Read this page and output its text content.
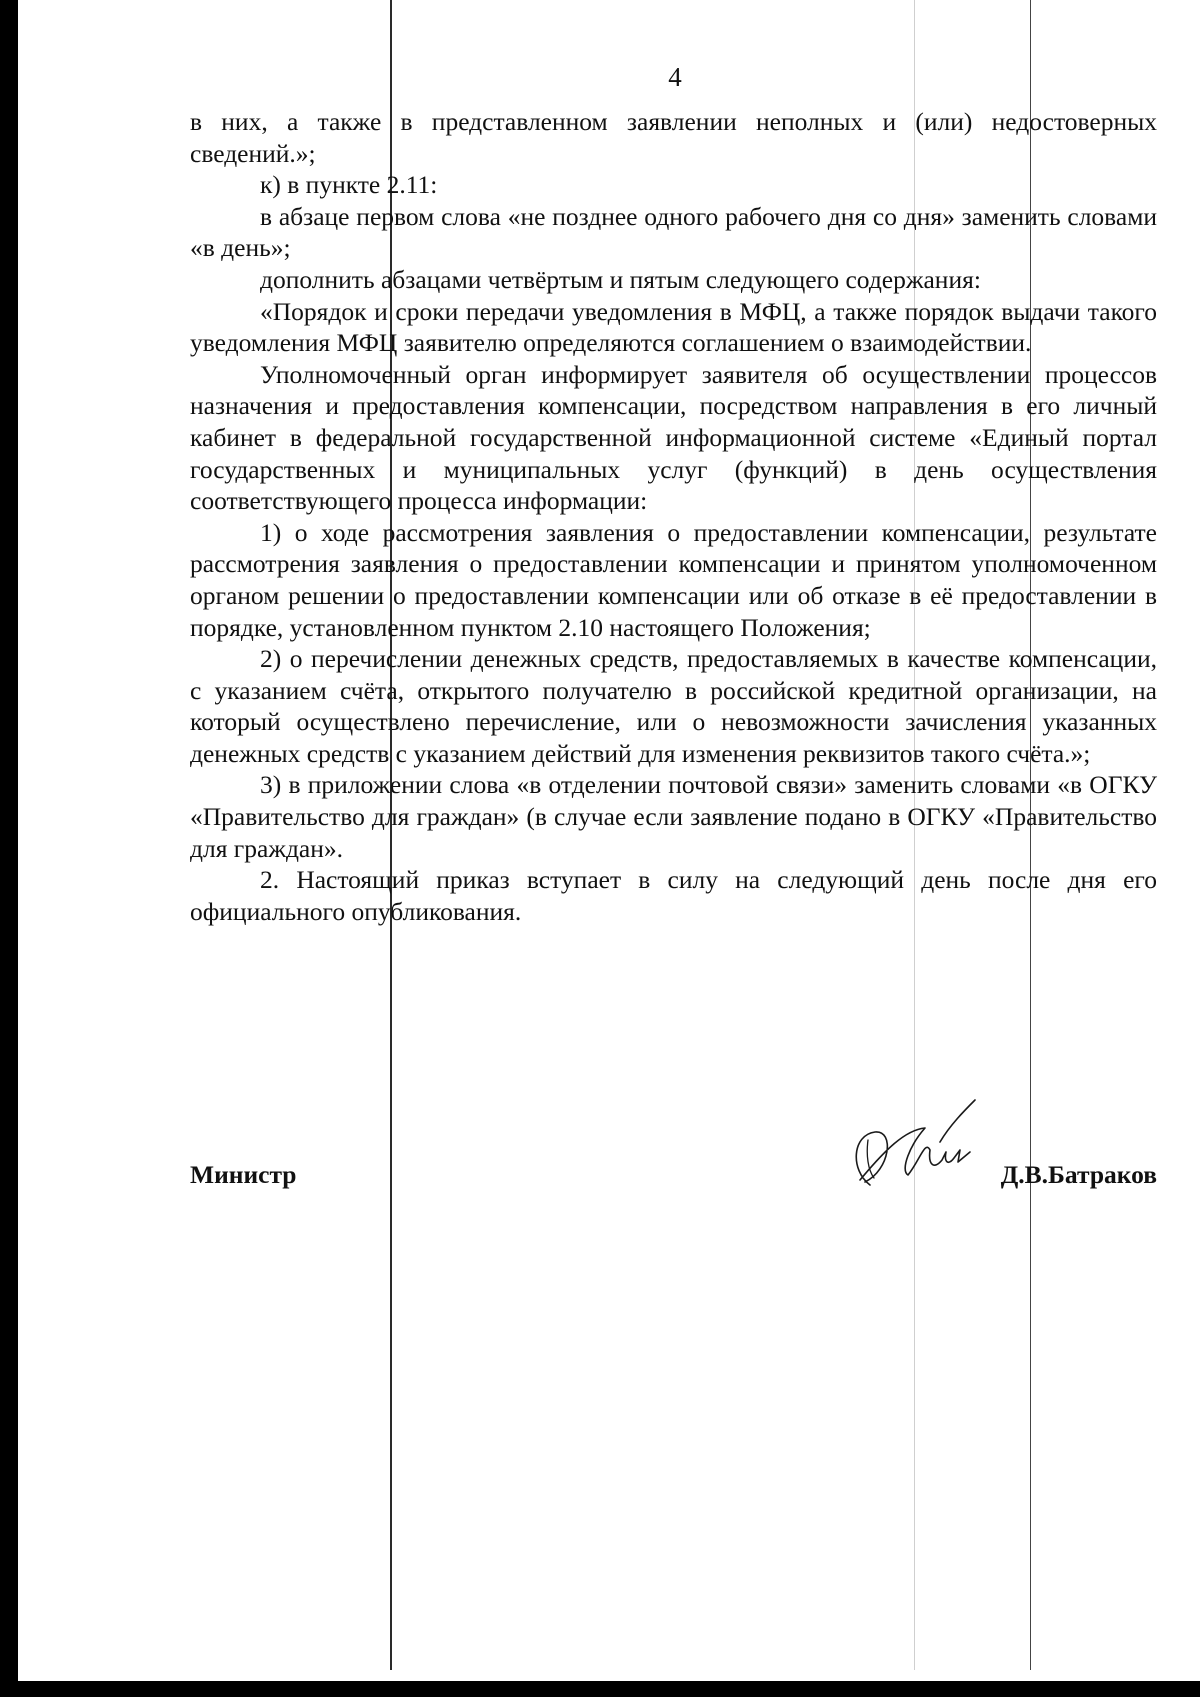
4

в них, а также в представленном заявлении неполных и (или) недостоверных сведений.»;

к) в пункте 2.11:

в абзаце первом слова «не позднее одного рабочего дня со дня» заменить словами «в день»;

дополнить абзацами четвёртым и пятым следующего содержания:

«Порядок и сроки передачи уведомления в МФЦ, а также порядок выдачи такого уведомления МФЦ заявителю определяются соглашением о взаимодействии.

Уполномоченный орган информирует заявителя об осуществлении процессов назначения и предоставления компенсации, посредством направления в его личный кабинет в федеральной государственной информационной системе «Единый портал государственных и муниципальных услуг (функций) в день осуществления соответствующего процесса информации:

1) о ходе рассмотрения заявления о предоставлении компенсации, результате рассмотрения заявления о предоставлении компенсации и принятом уполномоченном органом решении о предоставлении компенсации или об отказе в её предоставлении в порядке, установленном пунктом 2.10 настоящего Положения;

2) о перечислении денежных средств, предоставляемых в качестве компенсации, с указанием счёта, открытого получателю в российской кредитной организации, на который осуществлено перечисление, или о невозможности зачисления указанных денежных средств с указанием действий для изменения реквизитов такого счёта.»;

3) в приложении слова «в отделении почтовой связи» заменить словами «в ОГКУ «Правительство для граждан» (в случае если заявление подано в ОГКУ «Правительство для граждан».

2. Настоящий приказ вступает в силу на следующий день после дня его официального опубликования.

Министр	Д.В.Батраков
